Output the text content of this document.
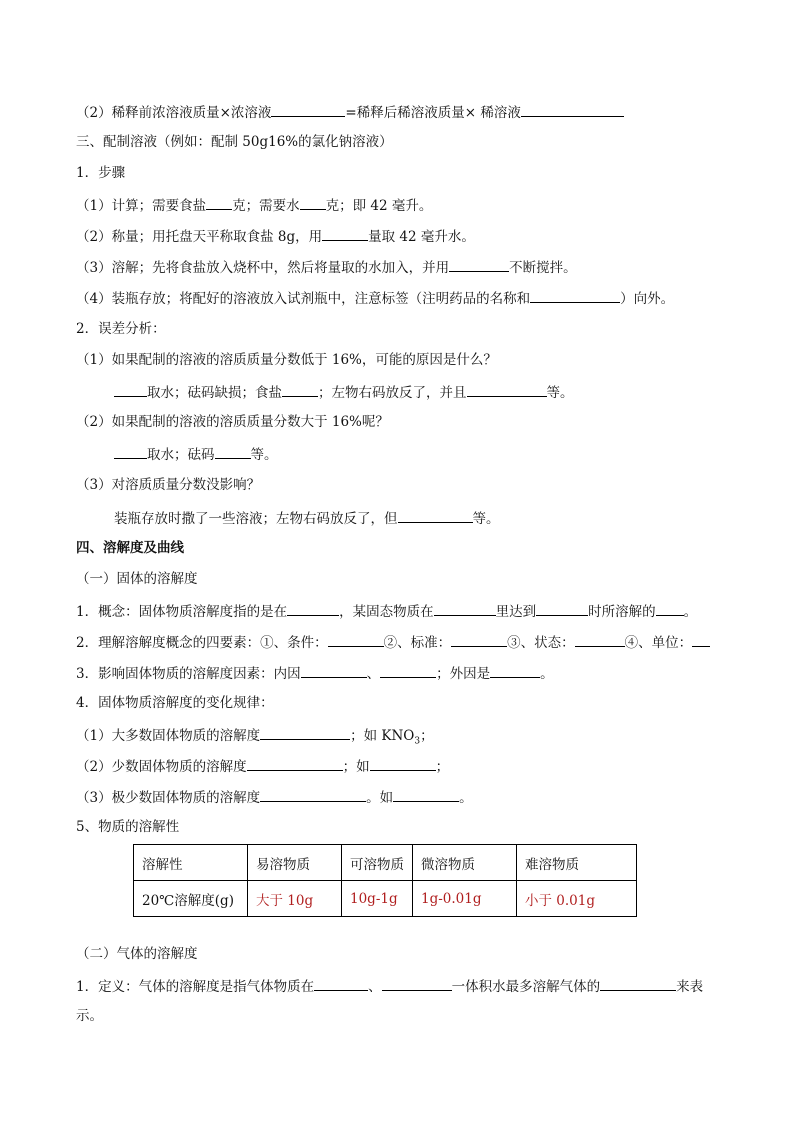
（2）稀释前浓溶液质量×浓溶液	=稀释后稀溶液质量× 稀溶液
三、配制溶液（例如：配制 50g16%的氯化钠溶液）
1．步骤
（1）计算；需要食盐 克；需要水 克；即 42 毫升。
（2）称量；用托盘天平称取食盐 8g，用	量取 42 毫升水。
（3）溶解；先将食盐放入烧杯中，然后将量取的水加入，并用	不断搅拌。
（4）装瓶存放；将配好的溶液放入试剂瓶中，注意标签（注明药品的名称和	）向外。
2．误差分析：
（1）如果配制的溶液的溶质质量分数低于 16%，可能的原因是什么？
取水；砝码缺损；食盐	；左物右码放反了，并且	等。
（2）如果配制的溶液的溶质质量分数大于 16%呢？
取水；砝码	等。
（3）对溶质质量分数没影响？
装瓶存放时撒了一些溶液；左物右码放反了，但	等。
四、溶解度及曲线
（一）固体的溶解度
1．概念：固体物质溶解度指的是在	，某固态物质在	里达到	时所溶解的 。
2．理解溶解度概念的四要素：①、条件：	②、标准：	③、状态：	④、单位：
3．影响固体物质的溶解度因素：内因	、	；外因是	。
4．固体物质溶解度的变化规律：
（1）大多数固体物质的溶解度	；如 $KNO_3$；
（2）少数固体物质的溶解度	；如	；
（3）极少数固体物质的溶解度	。如	。
5、物质的溶解性
溶解性	易溶物质	可溶物质	微溶物质	难溶物质
20℃溶解度(g)	大于 10g	10g-1g	1g-0.01g	小于 0.01g
（二）气体的溶解度
1．定义：气体的溶解度是指气体物质在	、	一体积水最多溶解气体的	来表
示。
